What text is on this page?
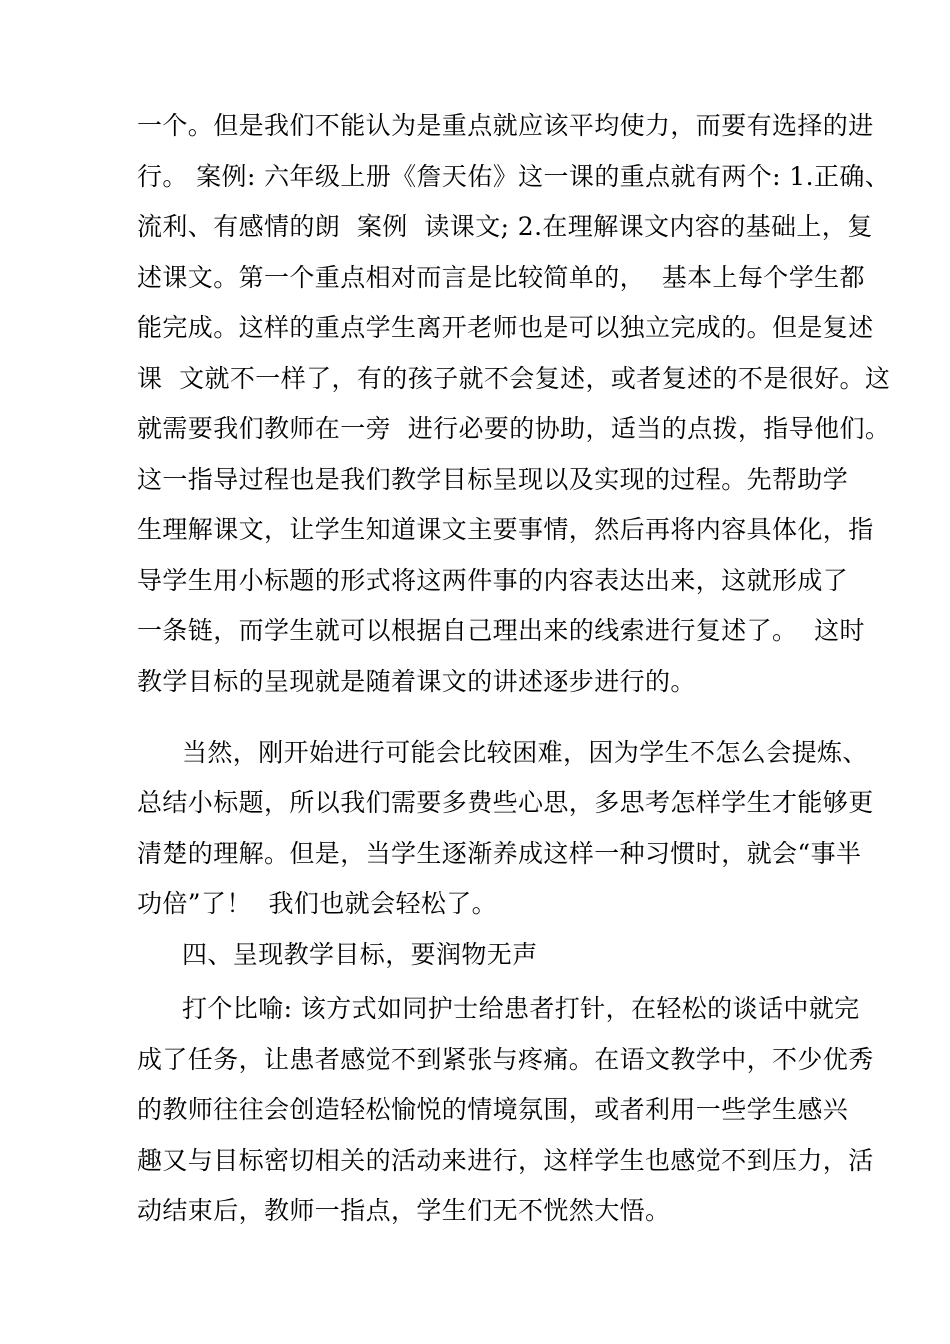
一个。但是我们不能认为是重点就应该平均使力，而要有选择的进
行。 案例: 六年级上册《詹天佑》这一课的重点就有两个: 1.正确、
流利、有感情的朗  案例  读课文; 2.在理解课文内容的基础上，复
述课文。第一个重点相对而言是比较简单的，  基本上每个学生都
能完成。这样的重点学生离开老师也是可以独立完成的。但是复述
课  文就不一样了，有的孩子就不会复述，或者复述的不是很好。这
就需要我们教师在一旁  进行必要的协助，适当的点拨，指导他们。
这一指导过程也是我们教学目标呈现以及实现的过程。先帮助学
生理解课文，让学生知道课文主要事情，然后再将内容具体化，指
导学生用小标题的形式将这两件事的内容表达出来，这就形成了
一条链，而学生就可以根据自己理出来的线索进行复述了。  这时
教学目标的呈现就是随着课文的讲述逐步进行的。
当然，刚开始进行可能会比较困难，因为学生不怎么会提炼、
总结小标题，所以我们需要多费些心思，多思考怎样学生才能够更
清楚的理解。但是，当学生逐渐养成这样一种习惯时，就会“事半
功倍”了！  我们也就会轻松了。
四、呈现教学目标，要润物无声
打个比喻: 该方式如同护士给患者打针，在轻松的谈话中就完
成了任务，让患者感觉不到紧张与疼痛。在语文教学中，不少优秀
的教师往往会创造轻松愉悦的情境氛围，或者利用一些学生感兴
趣又与目标密切相关的活动来进行，这样学生也感觉不到压力，活
动结束后，教师一指点，学生们无不恍然大悟。
